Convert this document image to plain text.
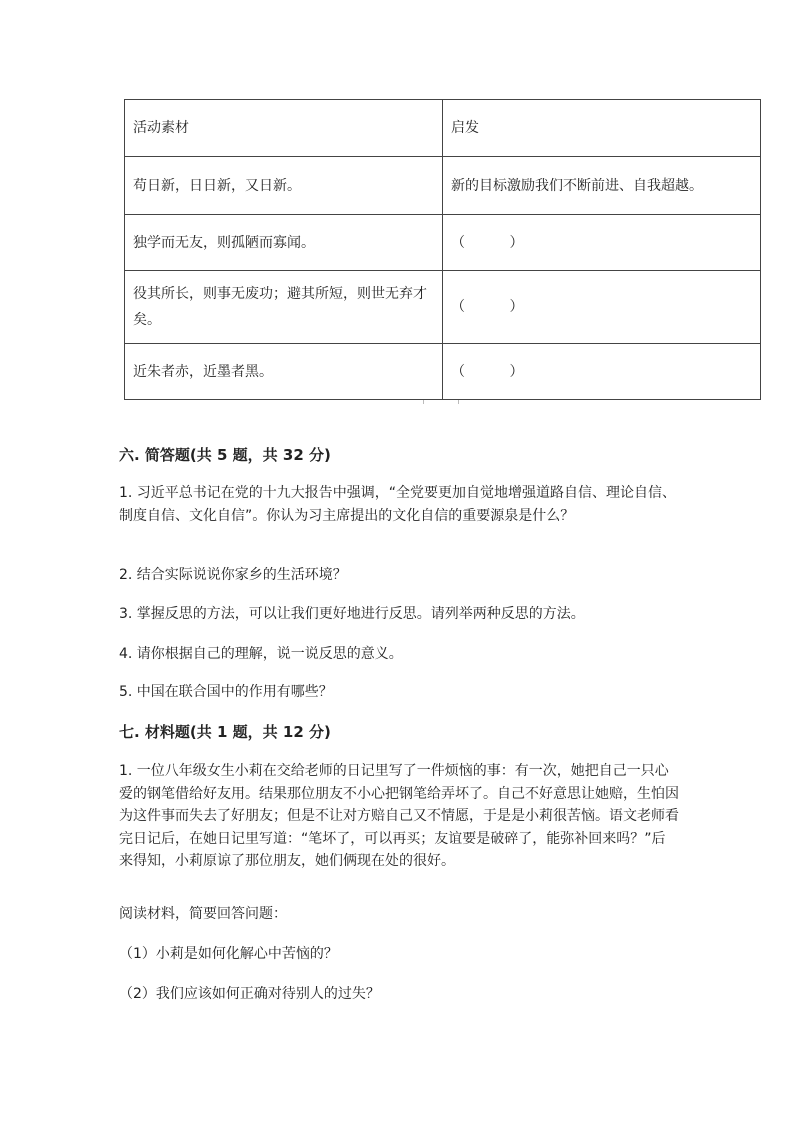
活动素材	启发
苟日新，日日新，又日新。	新的目标激励我们不断前进、自我超越。
独学而无友，则孤陋而寡闻。	（          ）
役其所长，则事无废功；避其所短，则世无弃才矣。	（          ）
近朱者赤，近墨者黑。	（          ）
六. 简答题(共 5 题，共 32 分)
1. 习近平总书记在党的十九大报告中强调，“全党要更加自觉地增强道路自信、理论自信、制度自信、文化自信”。你认为习主席提出的文化自信的重要源泉是什么？
2. 结合实际说说你家乡的生活环境？
3. 掌握反思的方法，可以让我们更好地进行反思。请列举两种反思的方法。
4. 请你根据自己的理解，说一说反思的意义。
5. 中国在联合国中的作用有哪些？
七. 材料题(共 1 题，共 12 分)
1. 一位八年级女生小莉在交给老师的日记里写了一件烦恼的事：有一次，她把自己一只心爱的钢笔借给好友用。结果那位朋友不小心把钢笔给弄坏了。自己不好意思让她赔，生怕因为这件事而失去了好朋友；但是不让对方赔自己又不情愿，于是是小莉很苦恼。语文老师看完日记后，在她日记里写道：“笔坏了，可以再买；友谊要是破碎了，能弥补回来吗？”后来得知，小莉原谅了那位朋友，她们俩现在处的很好。
阅读材料，简要回答问题：
（1）小莉是如何化解心中苦恼的？
（2）我们应该如何正确对待别人的过失？
